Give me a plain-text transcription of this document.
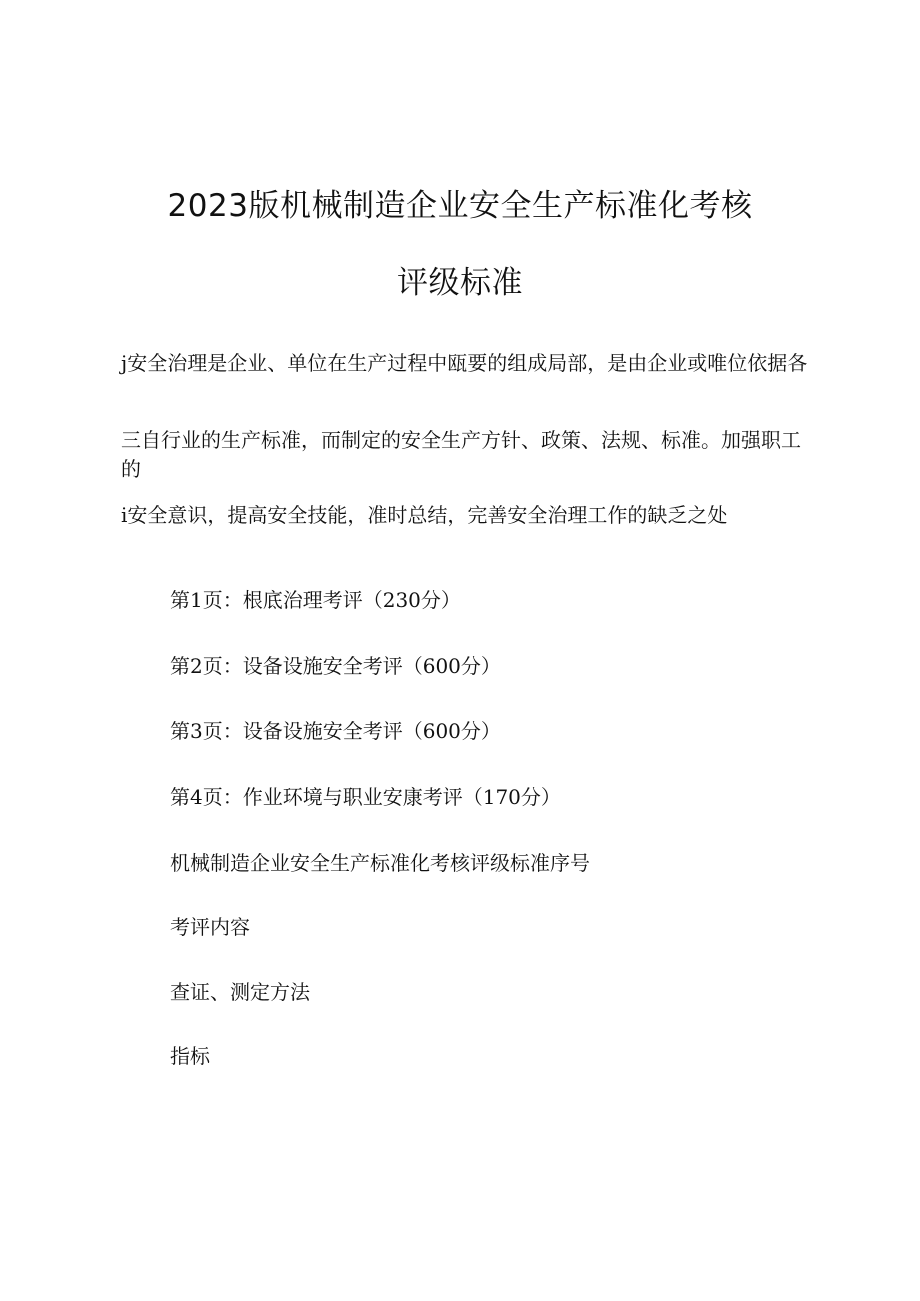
2023版机械制造企业安全生产标准化考核
评级标准

j安全治理是企业、单位在生产过程中瓯要的组成局部，是由企业或唯位依据各

三自行业的生产标准，而制定的安全生产方针、政策、法规、标准。加强职工的

i安全意识，提高安全技能，准时总结，完善安全治理工作的缺乏之处

第1页：根底治理考评（230分）

第2页：设备设施安全考评（600分）

第3页：设备设施安全考评（600分）

第4页：作业环境与职业安康考评（170分）

机械制造企业安全生产标准化考核评级标准序号

考评内容

查证、测定方法

指标
